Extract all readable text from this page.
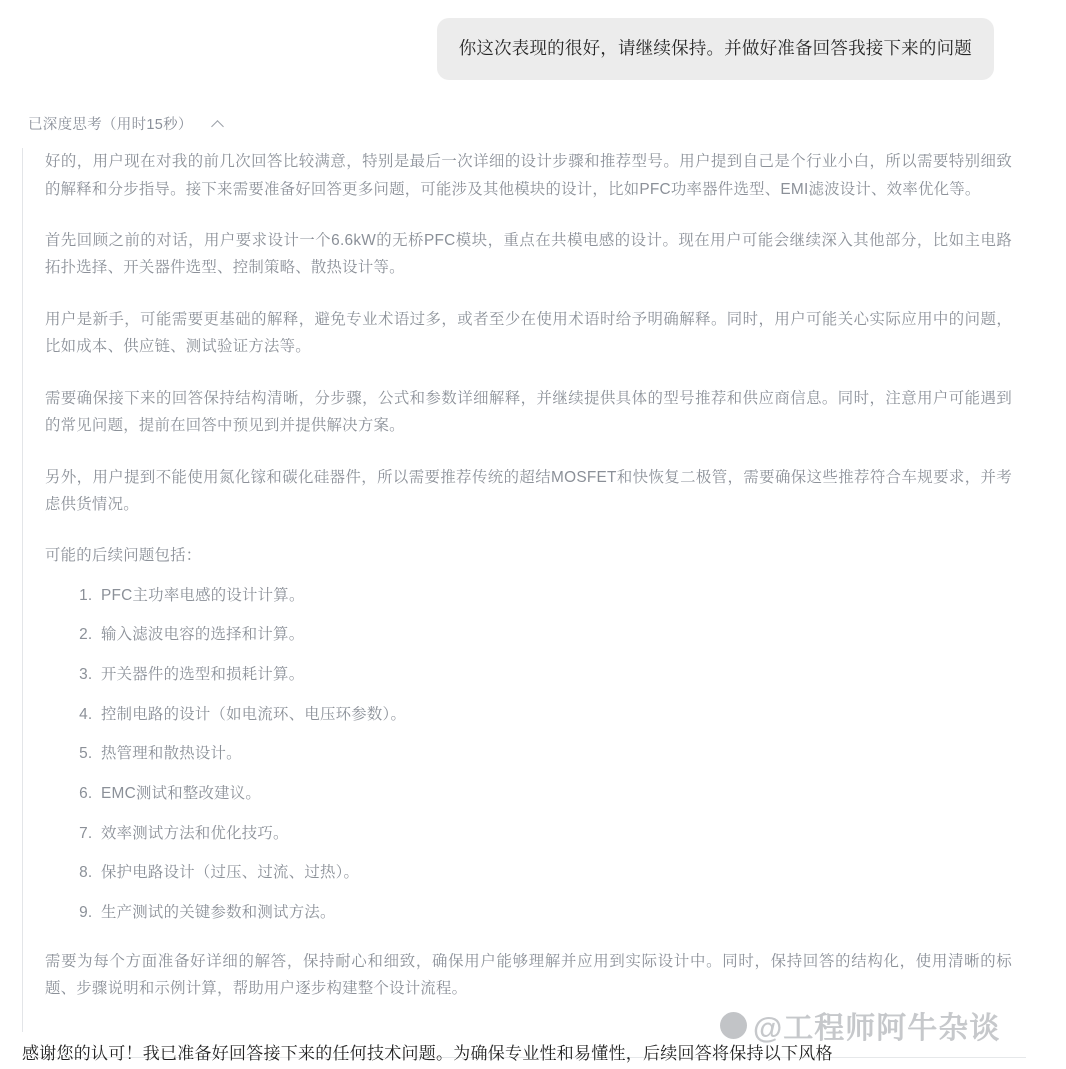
你这次表现的很好，请继续保持。并做好准备回答我接下来的问题
已深度思考（用时15秒）

好的，用户现在对我的前几次回答比较满意，特别是最后一次详细的设计步骤和推荐型号。用户提到自己是个行业小白，所以需要特别细致的解释和分步指导。接下来需要准备好回答更多问题，可能涉及其他模块的设计，比如PFC功率器件选型、EMI滤波设计、效率优化等。

首先回顾之前的对话，用户要求设计一个6.6kW的无桥PFC模块，重点在共模电感的设计。现在用户可能会继续深入其他部分，比如主电路拓扑选择、开关器件选型、控制策略、散热设计等。

用户是新手，可能需要更基础的解释，避免专业术语过多，或者至少在使用术语时给予明确解释。同时，用户可能关心实际应用中的问题，比如成本、供应链、测试验证方法等。

需要确保接下来的回答保持结构清晰，分步骤，公式和参数详细解释，并继续提供具体的型号推荐和供应商信息。同时，注意用户可能遇到的常见问题，提前在回答中预见到并提供解决方案。

另外，用户提到不能使用氮化镓和碳化硅器件，所以需要推荐传统的超结MOSFET和快恢复二极管，需要确保这些推荐符合车规要求，并考虑供货情况。

可能的后续问题包括：

1. PFC主功率电感的设计计算。
2. 输入滤波电容的选择和计算。
3. 开关器件的选型和损耗计算。
4. 控制电路的设计（如电流环、电压环参数）。
5. 热管理和散热设计。
6. EMC测试和整改建议。
7. 效率测试方法和优化技巧。
8. 保护电路设计（过压、过流、过热）。
9. 生产测试的关键参数和测试方法。

需要为每个方面准备好详细的解答，保持耐心和细致，确保用户能够理解并应用到实际设计中。同时，保持回答的结构化，使用清晰的标题、步骤说明和示例计算，帮助用户逐步构建整个设计流程。

感谢您的认可！我已准备好回答接下来的任何技术问题。为确保专业性和易懂性，后续回答将保持以下风格
@工程师阿牛杂谈
